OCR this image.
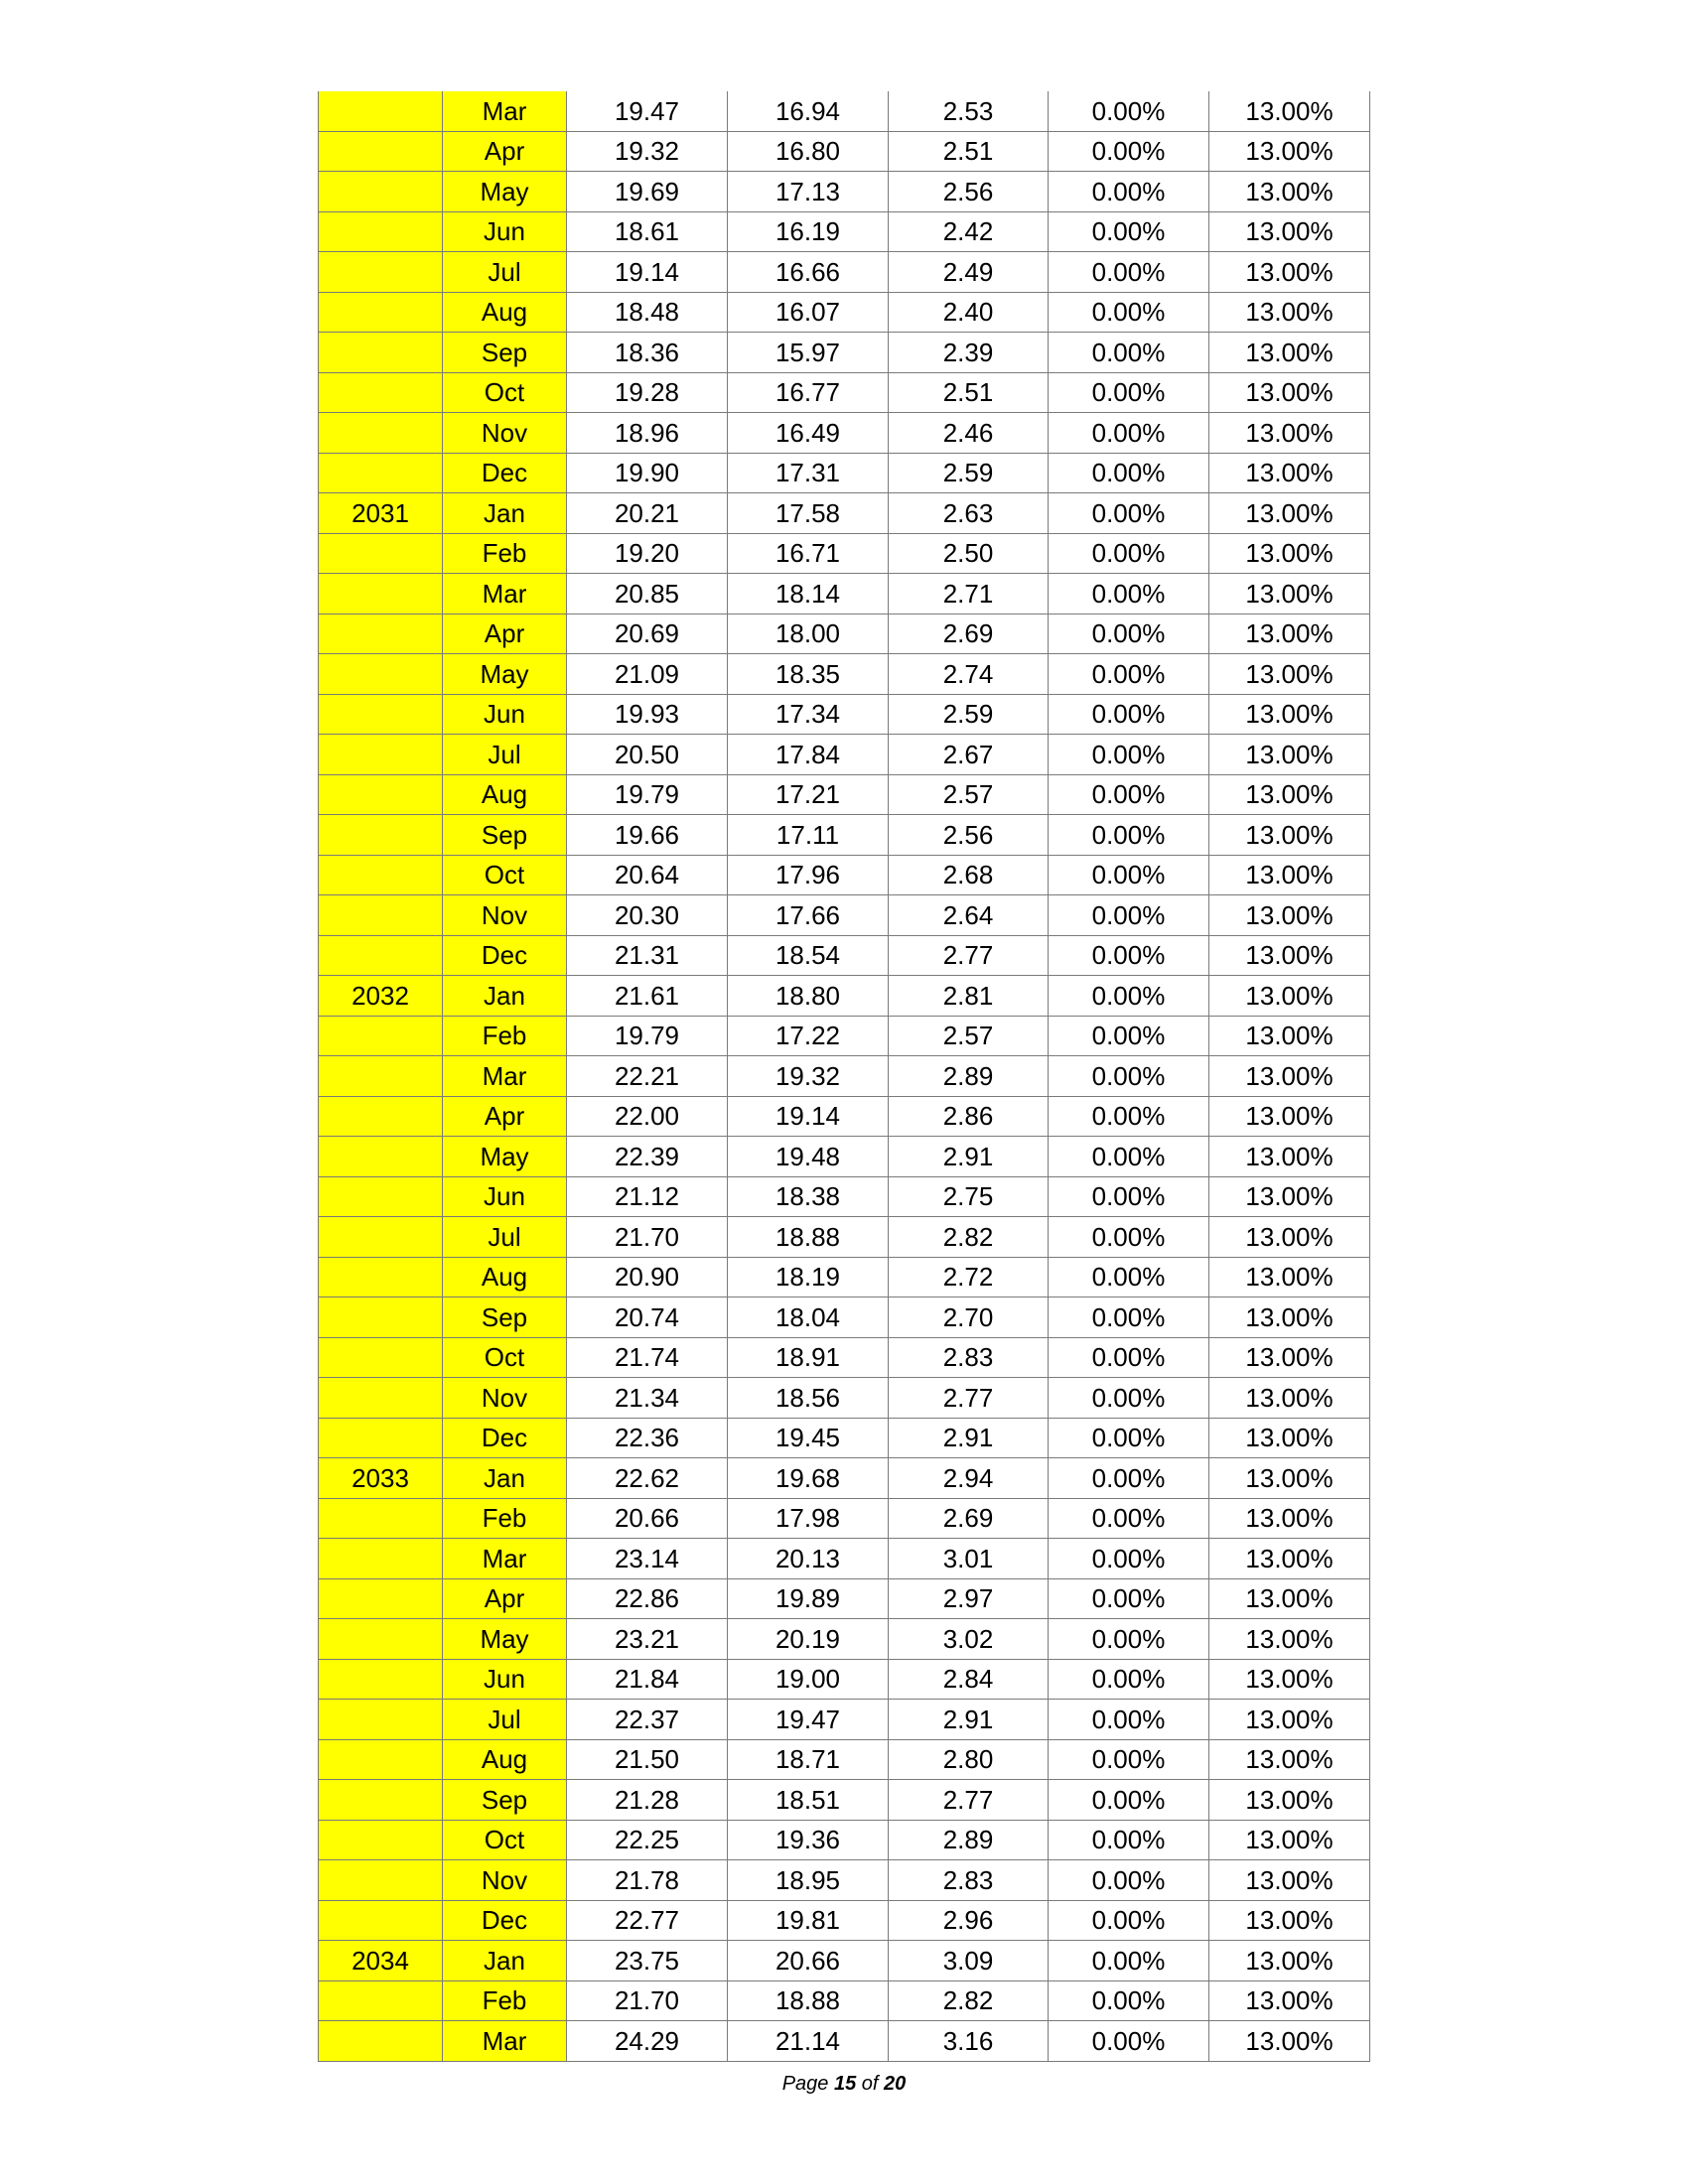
	Mar	19.47	16.94	2.53	0.00%	13.00%
	Apr	19.32	16.80	2.51	0.00%	13.00%
	May	19.69	17.13	2.56	0.00%	13.00%
	Jun	18.61	16.19	2.42	0.00%	13.00%
	Jul	19.14	16.66	2.49	0.00%	13.00%
	Aug	18.48	16.07	2.40	0.00%	13.00%
	Sep	18.36	15.97	2.39	0.00%	13.00%
	Oct	19.28	16.77	2.51	0.00%	13.00%
	Nov	18.96	16.49	2.46	0.00%	13.00%
	Dec	19.90	17.31	2.59	0.00%	13.00%
2031	Jan	20.21	17.58	2.63	0.00%	13.00%
	Feb	19.20	16.71	2.50	0.00%	13.00%
	Mar	20.85	18.14	2.71	0.00%	13.00%
	Apr	20.69	18.00	2.69	0.00%	13.00%
	May	21.09	18.35	2.74	0.00%	13.00%
	Jun	19.93	17.34	2.59	0.00%	13.00%
	Jul	20.50	17.84	2.67	0.00%	13.00%
	Aug	19.79	17.21	2.57	0.00%	13.00%
	Sep	19.66	17.11	2.56	0.00%	13.00%
	Oct	20.64	17.96	2.68	0.00%	13.00%
	Nov	20.30	17.66	2.64	0.00%	13.00%
	Dec	21.31	18.54	2.77	0.00%	13.00%
2032	Jan	21.61	18.80	2.81	0.00%	13.00%
	Feb	19.79	17.22	2.57	0.00%	13.00%
	Mar	22.21	19.32	2.89	0.00%	13.00%
	Apr	22.00	19.14	2.86	0.00%	13.00%
	May	22.39	19.48	2.91	0.00%	13.00%
	Jun	21.12	18.38	2.75	0.00%	13.00%
	Jul	21.70	18.88	2.82	0.00%	13.00%
	Aug	20.90	18.19	2.72	0.00%	13.00%
	Sep	20.74	18.04	2.70	0.00%	13.00%
	Oct	21.74	18.91	2.83	0.00%	13.00%
	Nov	21.34	18.56	2.77	0.00%	13.00%
	Dec	22.36	19.45	2.91	0.00%	13.00%
2033	Jan	22.62	19.68	2.94	0.00%	13.00%
	Feb	20.66	17.98	2.69	0.00%	13.00%
	Mar	23.14	20.13	3.01	0.00%	13.00%
	Apr	22.86	19.89	2.97	0.00%	13.00%
	May	23.21	20.19	3.02	0.00%	13.00%
	Jun	21.84	19.00	2.84	0.00%	13.00%
	Jul	22.37	19.47	2.91	0.00%	13.00%
	Aug	21.50	18.71	2.80	0.00%	13.00%
	Sep	21.28	18.51	2.77	0.00%	13.00%
	Oct	22.25	19.36	2.89	0.00%	13.00%
	Nov	21.78	18.95	2.83	0.00%	13.00%
	Dec	22.77	19.81	2.96	0.00%	13.00%
2034	Jan	23.75	20.66	3.09	0.00%	13.00%
	Feb	21.70	18.88	2.82	0.00%	13.00%
	Mar	24.29	21.14	3.16	0.00%	13.00%
Page 15 of 20
